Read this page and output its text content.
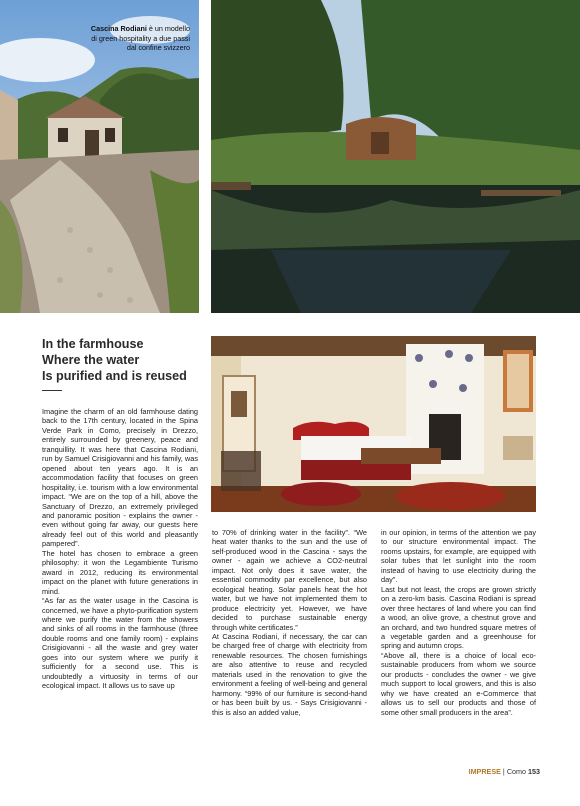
Cascina Rodiani è un modello
di green hospitality a due passi
dal confine svizzero
In the farmhouse
Where the water
Is purified and is reused

Imagine the charm of an old farmhouse dating back to the 17th century, located in the Spina Verde Park in Como, precisely in Drezzo, entirely surrounded by greenery, peace and tranquillity. It was here that Cascina Rodiani, run by Samuel Crisigiovanni and his family, was opened about ten years ago. It is an accommodation facility that focuses on green hospitality, i.e. tourism with a low environmental impact. “We are on the top of a hill, above the Sanctuary of Drezzo, an extremely privileged and panoramic position - explains the owner - even without going far away, our guests here already feel out of this world and pleasantly pampered”.

The hotel has chosen to embrace a green philosophy: it won the Legambiente Turismo award in 2012, reducing its environmental impact on the planet with future generations in mind.

“As far as the water usage in the Cascina is concerned, we have a phyto-purification system where we purify the water from the showers and sinks of all rooms in the farmhouse (three double rooms and one family room) - explains Crisigiovanni - all the waste and grey water goes into our system where we purify it sufficiently for a second use. This is undoubtedly a virtuosity in terms of our ecological impact. It allows us to save up

to 70% of drinking water in the facility”. “We heat water thanks to the sun and the use of self-produced wood in the Cascina - says the owner - again we achieve a CO2-neutral impact. Not only does it save water, the essential commodity par excellence, but also ecological heating. Solar panels heat the hot water, but we have not implemented them to produce electricity yet. However, we have decided to purchase sustainable energy through white certificates.”

At Cascina Rodiani, if necessary, the car can be charged free of charge with electricity from renewable resources. The chosen furnishings are also attentive to reuse and recycled materials used in the renovation to give the environment a feeling of well-being and general harmony. “99% of our furniture is second-hand or has been built by us. - Says Crisigiovanni - this is also an added value,

in our opinion, in terms of the attention we pay to our structure environmental impact. The rooms upstairs, for example, are equipped with solar tubes that let sunlight into the room instead of having to use electricity during the day”.

Last but not least, the crops are grown strictly on a zero-km basis. Cascina Rodiani is spread over three hectares of land where you can find a wood, an olive grove, a chestnut grove and an orchard, and two hundred square metres of a vegetable garden and a greenhouse for spring and autumn crops.

“Above all, there is a choice of local eco-sustainable producers from whom we source our products - concludes the owner - we give much support to local growers, and this is also why we have created an e-Commerce that allows us to sell our products and those of some other small producers in the area”.

IMPRESE | Como 153
